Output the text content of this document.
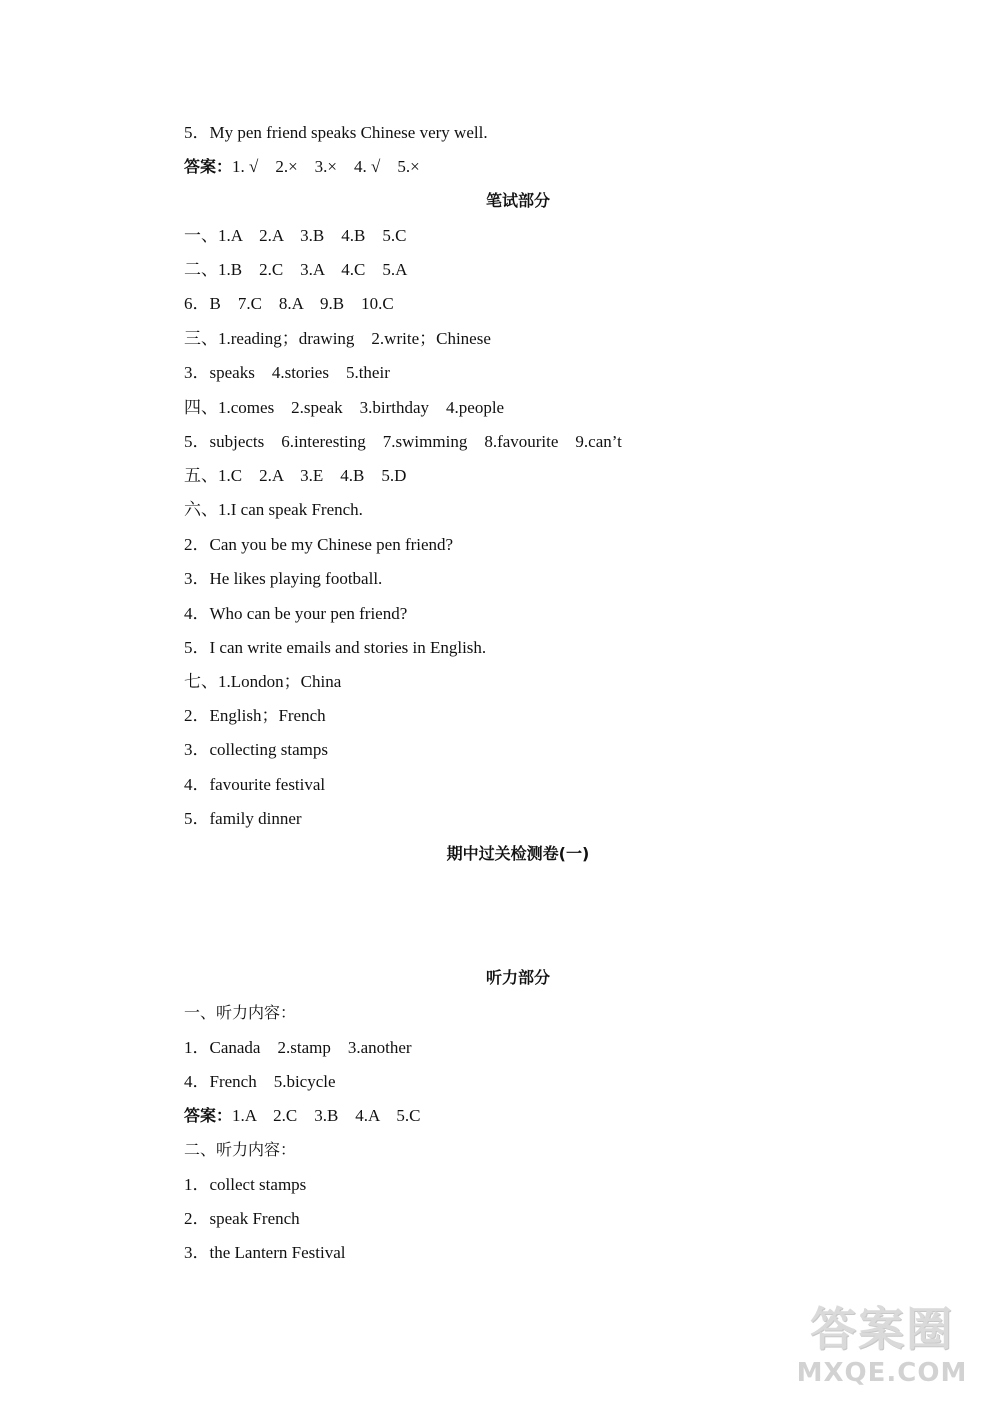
5．My pen friend speaks Chinese very well.
答案：1. √　2.×　3.×　4. √　5.×
笔试部分
一、1.A　2.A　3.B　4.B　5.C
二、1.B　2.C　3.A　4.C　5.A
6．B　7.C　8.A　9.B　10.C
三、1.reading；drawing　2.write；Chinese
3．speaks　4.stories　5.their
四、1.comes　2.speak　3.birthday　4.people
5．subjects　6.interesting　7.swimming　8.favourite　9.can’t
五、1.C　2.A　3.E　4.B　5.D
六、1.I can speak French.
2．Can you be my Chinese pen friend?
3．He likes playing football.
4．Who can be your pen friend?
5．I can write emails and stories in English.
七、1.London；China
2．English；French
3．collecting stamps
4．favourite festival
5．family dinner
期中过关检测卷(一)
听力部分
一、听力内容：
1．Canada　2.stamp　3.another
4．French　5.bicycle
答案：1.A　2.C　3.B　4.A　5.C
二、听力内容：
1．collect stamps
2．speak French
3．the Lantern Festival
答案圈
MXQE.COM
